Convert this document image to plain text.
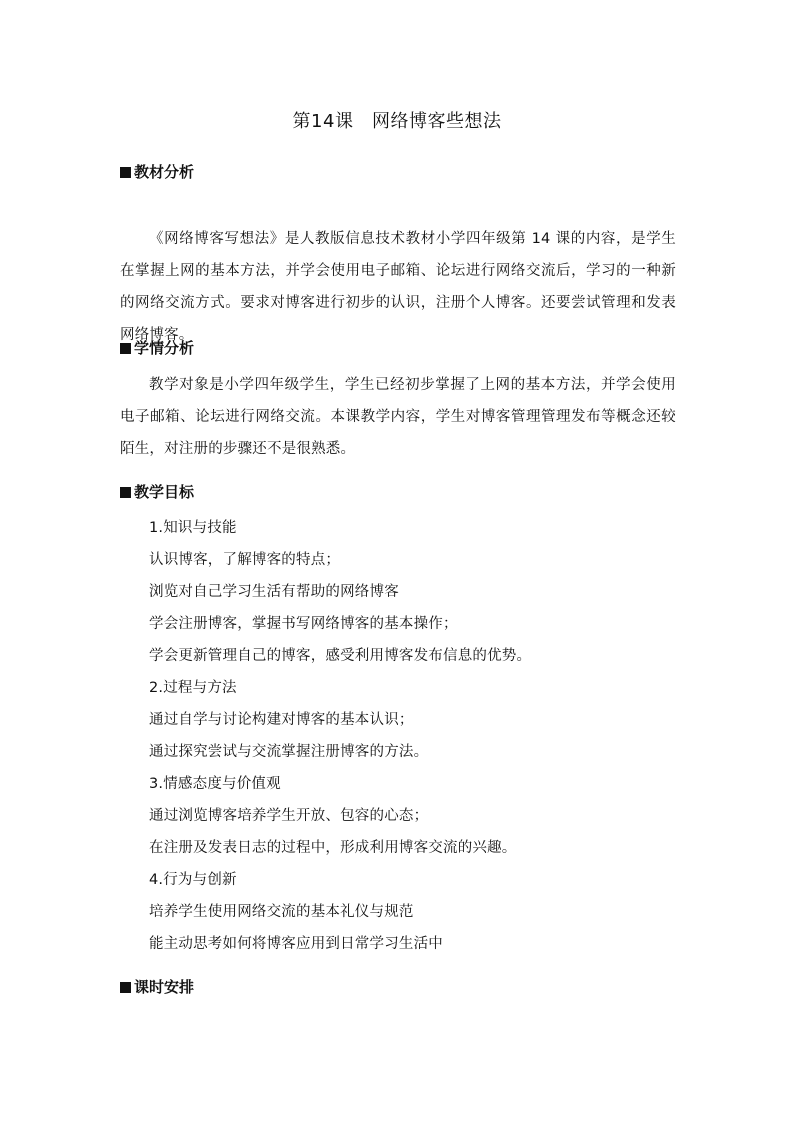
第14课　网络博客些想法
教材分析
《网络博客写想法》是人教版信息技术教材小学四年级第 14 课的内容，是学生在掌握上网的基本方法，并学会使用电子邮箱、论坛进行网络交流后，学习的一种新的网络交流方式。要求对博客进行初步的认识，注册个人博客。还要尝试管理和发表网络博客。
学情分析
教学对象是小学四年级学生，学生已经初步掌握了上网的基本方法，并学会使用电子邮箱、论坛进行网络交流。本课教学内容，学生对博客管理管理发布等概念还较陌生，对注册的步骤还不是很熟悉。
教学目标
1.知识与技能
认识博客，了解博客的特点；
浏览对自己学习生活有帮助的网络博客
学会注册博客，掌握书写网络博客的基本操作；
学会更新管理自己的博客，感受利用博客发布信息的优势。
2.过程与方法
通过自学与讨论构建对博客的基本认识；
通过探究尝试与交流掌握注册博客的方法。
3.情感态度与价值观
通过浏览博客培养学生开放、包容的心态；
在注册及发表日志的过程中，形成利用博客交流的兴趣。
4.行为与创新
培养学生使用网络交流的基本礼仪与规范
能主动思考如何将博客应用到日常学习生活中
课时安排
